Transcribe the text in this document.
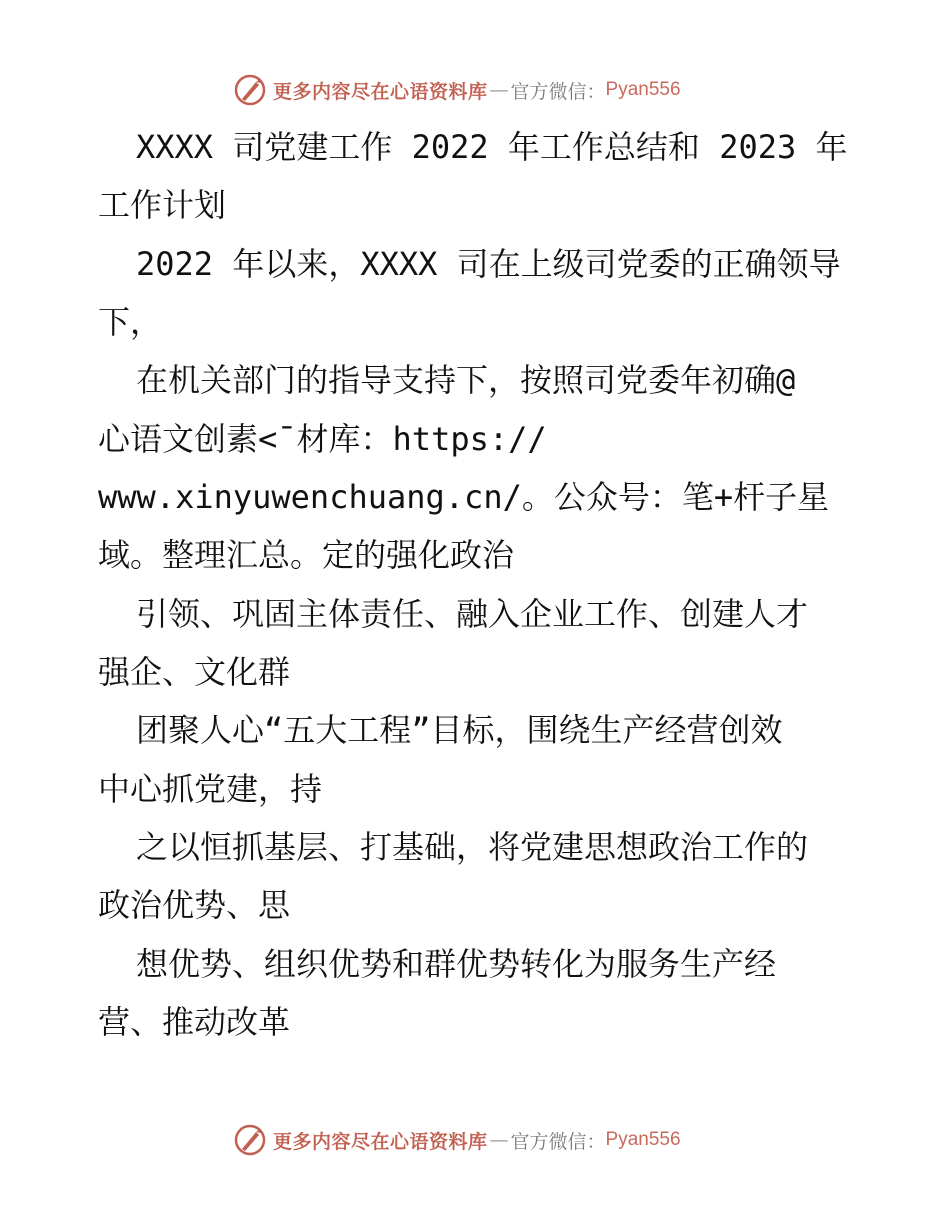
更多内容尽在心语资料库 — 官方微信： Pyan556
XXXX 司党建工作 2022 年工作总结和 2023 年
工作计划
2022 年以来，XXXX 司在上级司党委的正确领导
下，
在机关部门的指导支持下，按照司党委年初确@
心语文创素<¯材库：https://
www.xinyuwenchuang.cn/。公众号：笔+杆子星
域。整理汇总。定的强化政治
引领、巩固主体责任、融入企业工作、创建人才
强企、文化群
团聚人心“五大工程”目标，围绕生产经营创效
中心抓党建，持
之以恒抓基层、打基础，将党建思想政治工作的
政治优势、思
想优势、组织优势和群优势转化为服务生产经
营、推动改革
更多内容尽在心语资料库 — 官方微信： Pyan556
